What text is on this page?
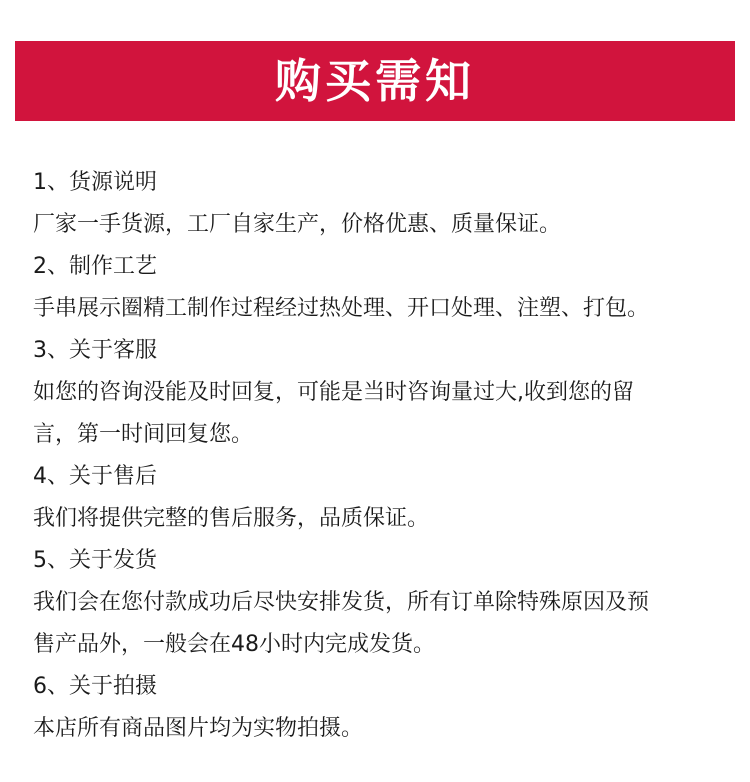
购买需知
1、货源说明
厂家一手货源，工厂自家生产，价格优惠、质量保证。
2、制作工艺
手串展示圈精工制作过程经过热处理、开口处理、注塑、打包。
3、关于客服
如您的咨询没能及时回复，可能是当时咨询量过大,收到您的留
言，第一时间回复您。
4、关于售后
我们将提供完整的售后服务，品质保证。
5、关于发货
我们会在您付款成功后尽快安排发货，所有订单除特殊原因及预
售产品外，一般会在48小时内完成发货。
6、关于拍摄
本店所有商品图片均为实物拍摄。
